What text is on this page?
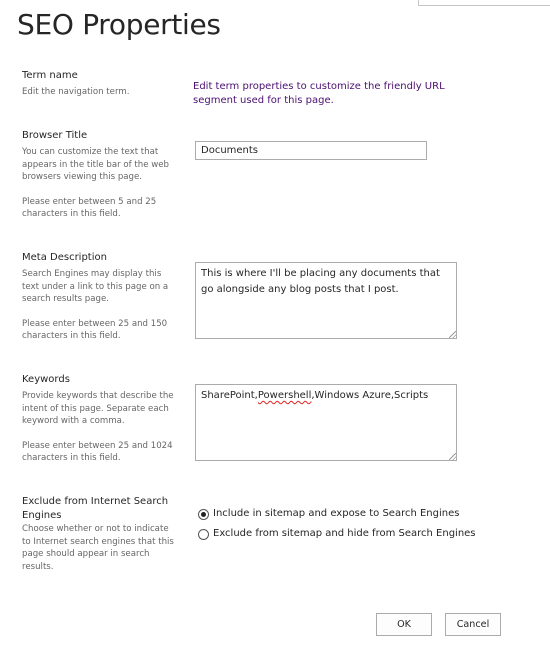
SEO Properties
Term name

Edit the navigation term.	Edit term properties to customize the friendly URL segment used for this page.
Browser Title

You can customize the text that appears in the title bar of the web browsers viewing this page.

Please enter between 5 and 25 characters in this field.

Documents
Meta Description

Search Engines may display this text under a link to this page on a search results page.

Please enter between 25 and 150 characters in this field.

This is where I'll be placing any documents that go alongside any blog posts that I post.
Keywords

Provide keywords that describe the intent of this page. Separate each keyword with a comma.

Please enter between 25 and 1024 characters in this field.

SharePoint,Powershell,Windows Azure,Scripts
Exclude from Internet Search Engines

Choose whether or not to indicate to Internet search engines that this page should appear in search results.

Include in sitemap and expose to Search Engines
Exclude from sitemap and hide from Search Engines
OK	Cancel
